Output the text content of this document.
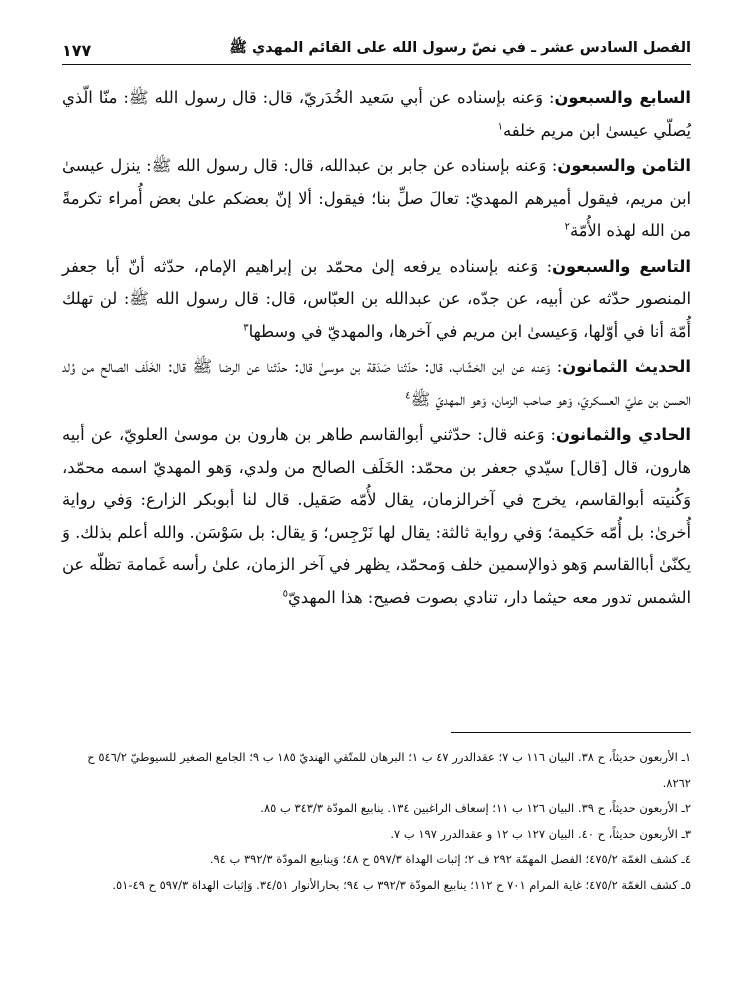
الفصل السادس عشر ـ في نصّ رسول الله على القائم المهدي ﷺ
١٧٧

السابع والسبعون: وَعنه بإسناده عن أبي سَعيد الخُدَريّ، قال: قال رسول الله ﷺ: منّا الّذي يُصلّي عيسىٰ ابن مريم خلفه$^١$

الثامن والسبعون: وَعنه بإسناده عن جابر بن عبدالله، قال: قال رسول الله ﷺ: ينزل عيسىٰ ابن مريم، فيقول أميرهم المهديّ: تعالَ صلِّ بنا؛ فيقول: ألا إنّ بعضكم علىٰ بعض أُمراء تكرمةً من الله لهذه الأُمّة$^٢$

التاسع والسبعون: وَعنه بإسناده يرفعه إلىٰ محمّد بن إبراهيم الإمام، حدّثه أنّ أبا جعفر المنصور حدّثه عن أبيه، عن جدّه، عن عبدالله بن العبّاس، قال: قال رسول الله ﷺ: لن تهلك أُمّة أنا في أوّلها، وَعيسىٰ ابن مريم في آخرها، والمهديّ في وسطها$^٣$

الحديث الثمانون: وَعنه عن ابن الخشّاب، قال: حدّثنا صَدَقة بن موسىٰ قال: حدّثنا عن الرضا ﷺ قال: الخَلَف الصالح من وُلد الحسن بن عليّ العسكريّ، وَهو صاحب الزمان، وَهو المهديّ ﷺ$^٤$

الحادي والثمانون: وَعنه قال: حدّثني أبوالقاسم طاهر بن هارون بن موسىٰ العلويّ، عن أبيه هارون، قال [قال] سيّدي جعفر بن محمّد: الخَلَف الصالح من ولدي، وَهو المهديّ اسمه محمّد، وَكُنيته أبوالقاسم، يخرج في آخرالزمان، يقال لأُمّه صَقيل. قال لنا أبوبكر الزارع: وَفي رواية أُخرىٰ: بل أُمّه حَكيمة؛ وَفي رواية ثالثة: يقال لها نَرْجِس؛ وَ يقال: بل سَوْسَن. والله أعلم بذلك. وَ يكنّىٰ أباالقاسم وَهو ذوالإسمين خلف وَمحمّد، يظهر في آخر الزمان، علىٰ رأسه غَمامة تظلّه عن الشمس تدور معه حيثما دار، تنادي بصوت فصيح: هذا المهديّ$^٥$

١ـ الأربعون حديثاً، ح ٣٨. البيان ١١٦ ب ٧؛ عقدالدرر ٤٧ ب ١؛ البرهان للمتّقي الهنديّ ١٨٥ ب ٩؛ الجامع الصغير للسيوطيّ ٥٤٦/٢ ح ٨٢٦٢.

٢ـ الأربعون حديثاً، ح ٣٩. البيان ١٢٦ ب ١١؛ إسعاف الراغبين ١٣٤. ينابيع المودّة ٣٤٣/٣ ب ٨٥.

٣ـ الأربعون حديثاً، ح ٤٠. البيان ١٢٧ ب ١٢ و عقدالدرر ١٩٧ ب ٧.

٤ـ كشف الغمّة ٤٧٥/٢؛ الفصل المهمّة ٢٩٢ ف ٢؛ إثبات الهداة ٥٩٧/٣ ح ٤٨؛ وَينابيع المودّة ٣٩٢/٣ ب ٩٤.

٥ـ كشف الغمّة ٤٧٥/٢؛ غاية المرام ٧٠١ ح ١١٢؛ ينابيع المودّة ٣٩٢/٣ ب ٩٤؛ بحارالأنوار ٣٤/٥١. وَإثبات الهداة ٥٩٧/٣ ح ٤٩-٥١.
